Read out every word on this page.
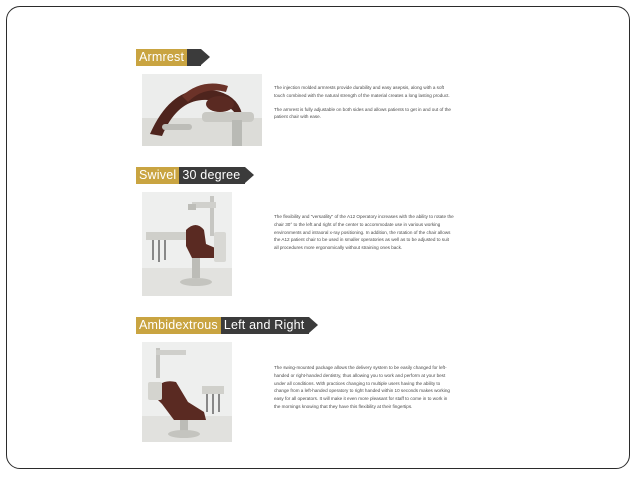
Armrest

The injection molded armrests provide durability and easy asepsis, along with a soft touch combined with the natural strength of the material creates a long lasting product.

The armrest is fully adjustable on both sides and allows patients to get in and out of the patient chair with ease.

Swivel 30 degree

The flexibility and "versatility" of the A12 Operatory increases with the ability to rotate the chair 30° to the left and right of the center to accommodate use in various working environments and intraoral x-ray positioning. In addition, the rotation of the chair allows the A12 patient chair to be used in smaller operatories as well as to be adjusted to suit all procedures more ergonomically without straining ones back.

Ambidextrous Left and Right

The swing-mounted package allows the delivery system to be easily changed for left-handed or right-handed dentistry, thus allowing you to work and perform at your best under all conditions. With practices changing to multiple users having the ability to change from a left-handed operatory to right handed within 10 seconds makes working easy for all operators. It will make it even more pleasant for staff to come in to work in the mornings knowing that they have this flexibility at their fingertips.
